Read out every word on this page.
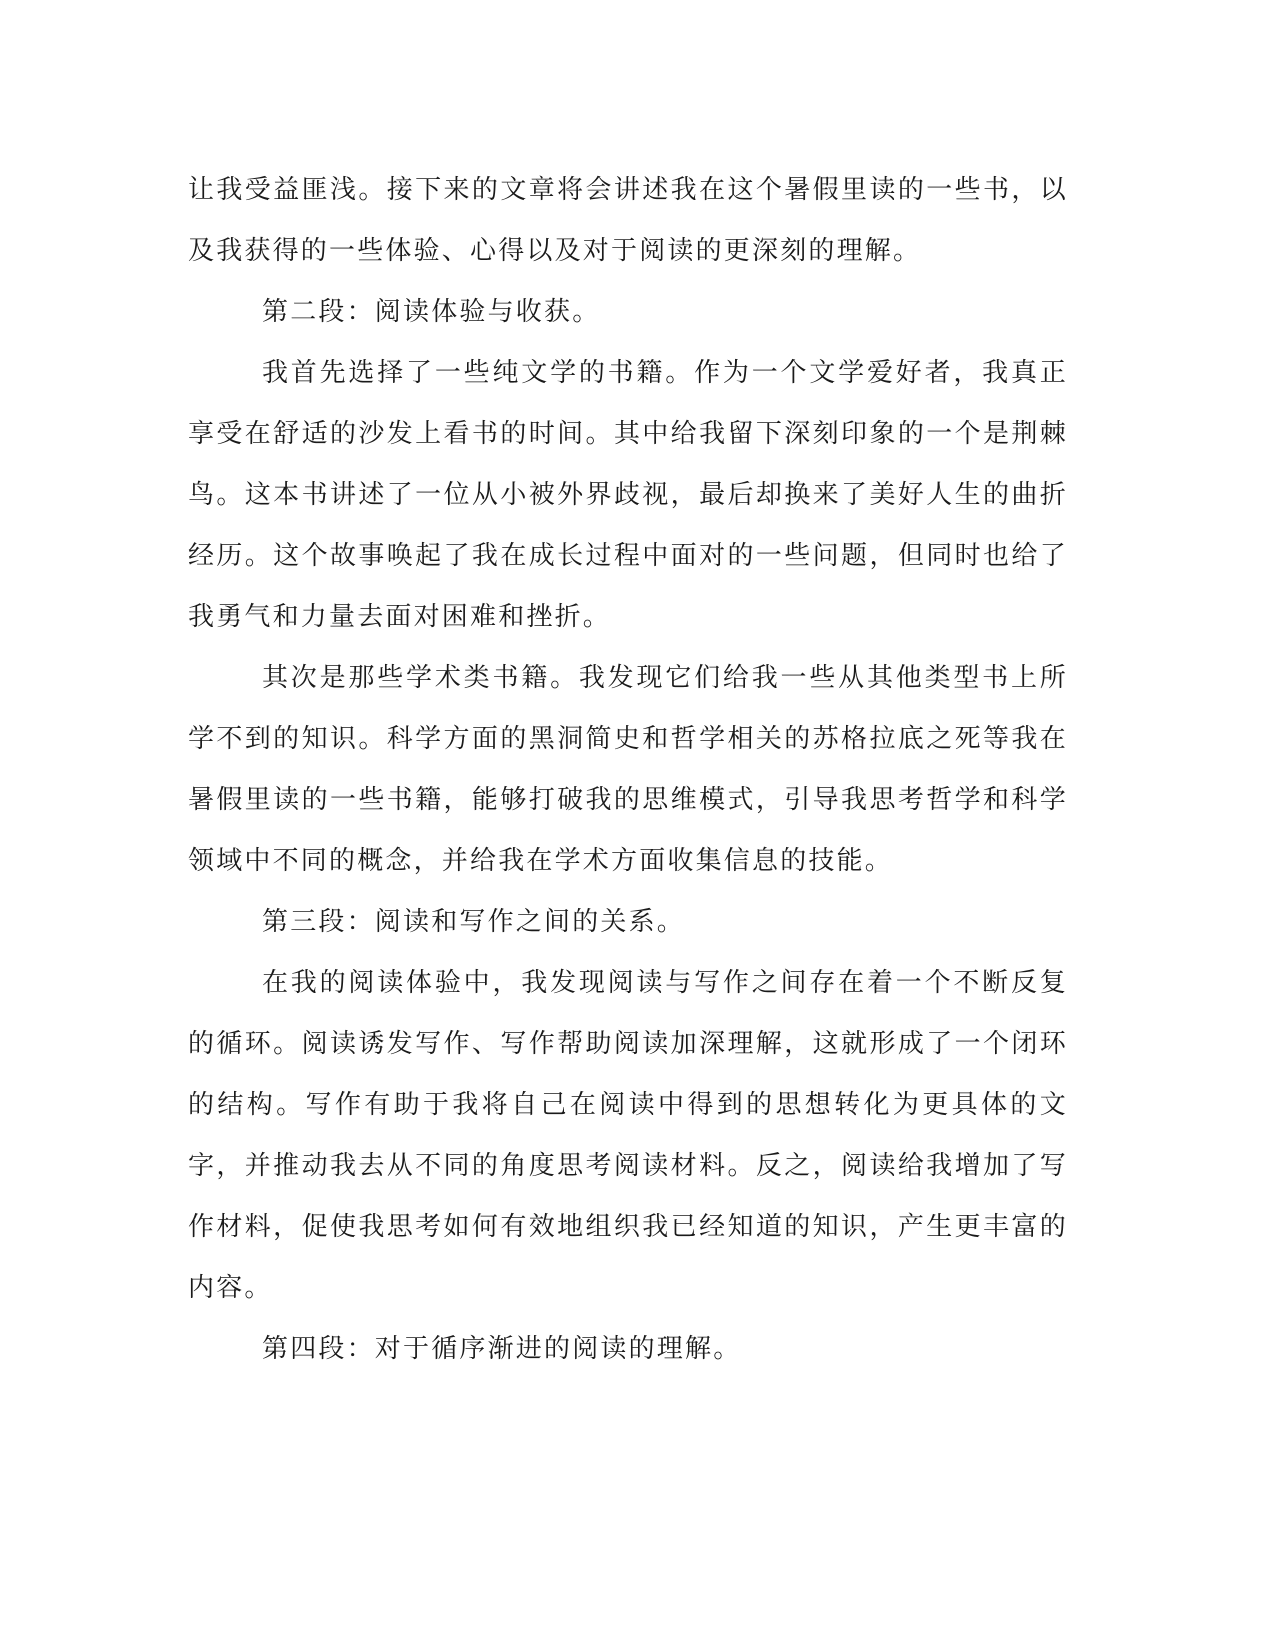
让我受益匪浅。接下来的文章将会讲述我在这个暑假里读的一些书，以及我获得的一些体验、心得以及对于阅读的更深刻的理解。

第二段：阅读体验与收获。

我首先选择了一些纯文学的书籍。作为一个文学爱好者，我真正享受在舒适的沙发上看书的时间。其中给我留下深刻印象的一个是荆棘鸟。这本书讲述了一位从小被外界歧视，最后却换来了美好人生的曲折经历。这个故事唤起了我在成长过程中面对的一些问题，但同时也给了我勇气和力量去面对困难和挫折。

其次是那些学术类书籍。我发现它们给我一些从其他类型书上所学不到的知识。科学方面的黑洞简史和哲学相关的苏格拉底之死等我在暑假里读的一些书籍，能够打破我的思维模式，引导我思考哲学和科学领域中不同的概念，并给我在学术方面收集信息的技能。

第三段：阅读和写作之间的关系。

在我的阅读体验中，我发现阅读与写作之间存在着一个不断反复的循环。阅读诱发写作、写作帮助阅读加深理解，这就形成了一个闭环的结构。写作有助于我将自己在阅读中得到的思想转化为更具体的文字，并推动我去从不同的角度思考阅读材料。反之，阅读给我增加了写作材料，促使我思考如何有效地组织我已经知道的知识，产生更丰富的内容。

第四段：对于循序渐进的阅读的理解。
